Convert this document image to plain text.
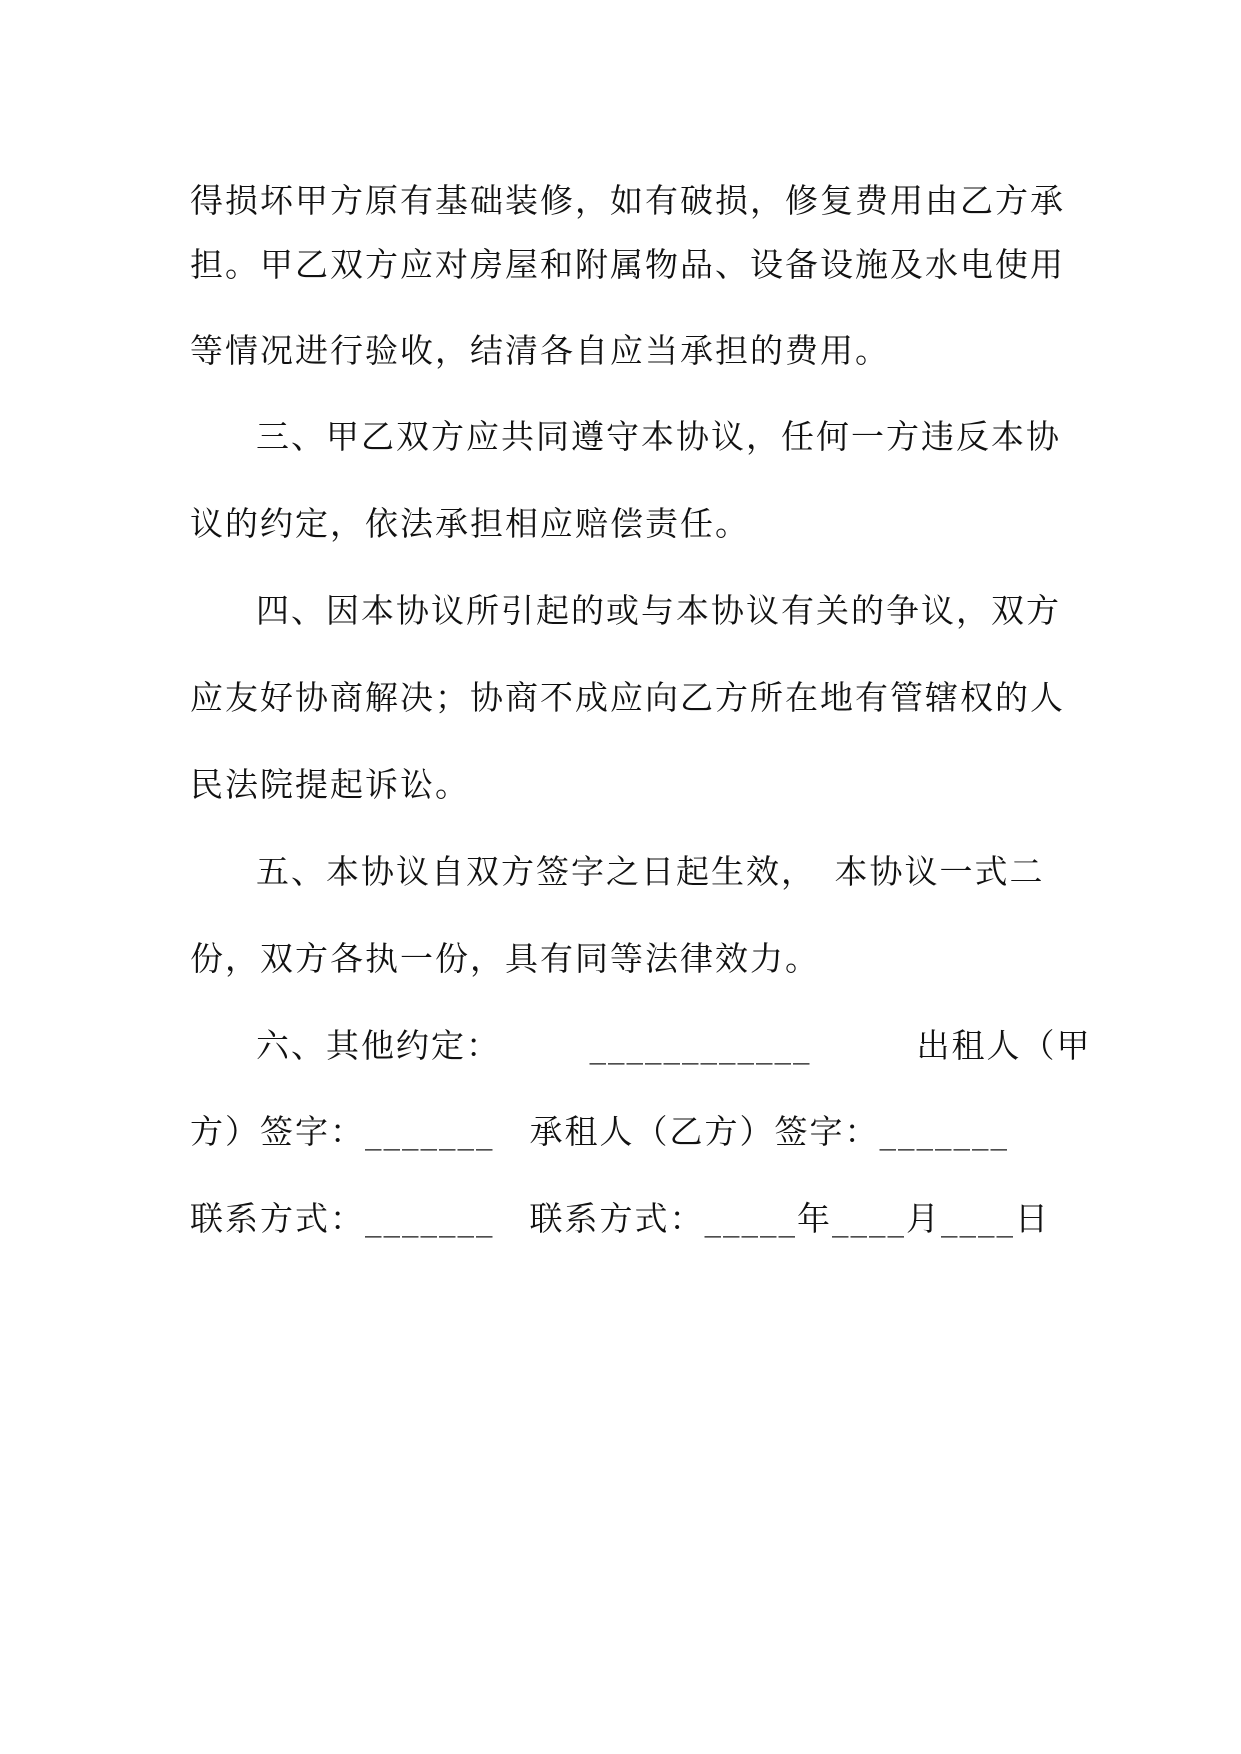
得损坏甲方原有基础装修，如有破损，修复费用由乙方承
担。甲乙双方应对房屋和附属物品、设备设施及水电使用
等情况进行验收，结清各自应当承担的费用。
三、甲乙双方应共同遵守本协议，任何一方违反本协
议的约定，依法承担相应赔偿责任。
四、因本协议所引起的或与本协议有关的争议，双方
应友好协商解决；协商不成应向乙方所在地有管辖权的人
民法院提起诉讼。
五、本协议自双方签字之日起生效，　本协议一式二
份，双方各执一份，具有同等法律效力。
六、其他约定：　　　____________　　　出租人（甲
方）签字：_______　承租人（乙方）签字：_______
联系方式：_______　联系方式：_____年____月____日
